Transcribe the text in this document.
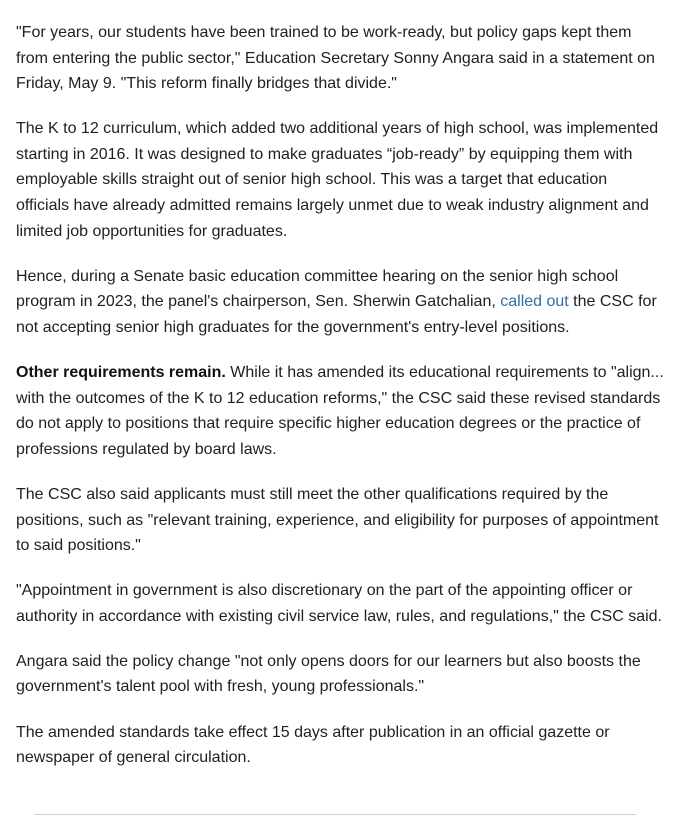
"For years, our students have been trained to be work-ready, but policy gaps kept them from entering the public sector," Education Secretary Sonny Angara said in a statement on Friday, May 9. "This reform finally bridges that divide."

The K to 12 curriculum, which added two additional years of high school, was implemented starting in 2016. It was designed to make graduates “job-ready” by equipping them with employable skills straight out of senior high school. This was a target that education officials have already admitted remains largely unmet due to weak industry alignment and limited job opportunities for graduates.

Hence, during a Senate basic education committee hearing on the senior high school program in 2023, the panel's chairperson, Sen. Sherwin Gatchalian, called out the CSC for not accepting senior high graduates for the government's entry-level positions.

Other requirements remain. While it has amended its educational requirements to "align... with the outcomes of the K to 12 education reforms," the CSC said these revised standards do not apply to positions that require specific higher education degrees or the practice of professions regulated by board laws.

The CSC also said applicants must still meet the other qualifications required by the positions, such as "relevant training, experience, and eligibility for purposes of appointment to said positions."

"Appointment in government is also discretionary on the part of the appointing officer or authority in accordance with existing civil service law, rules, and regulations," the CSC said.

Angara said the policy change "not only opens doors for our learners but also boosts the government's talent pool with fresh, young professionals."

The amended standards take effect 15 days after publication in an official gazette or newspaper of general circulation.
